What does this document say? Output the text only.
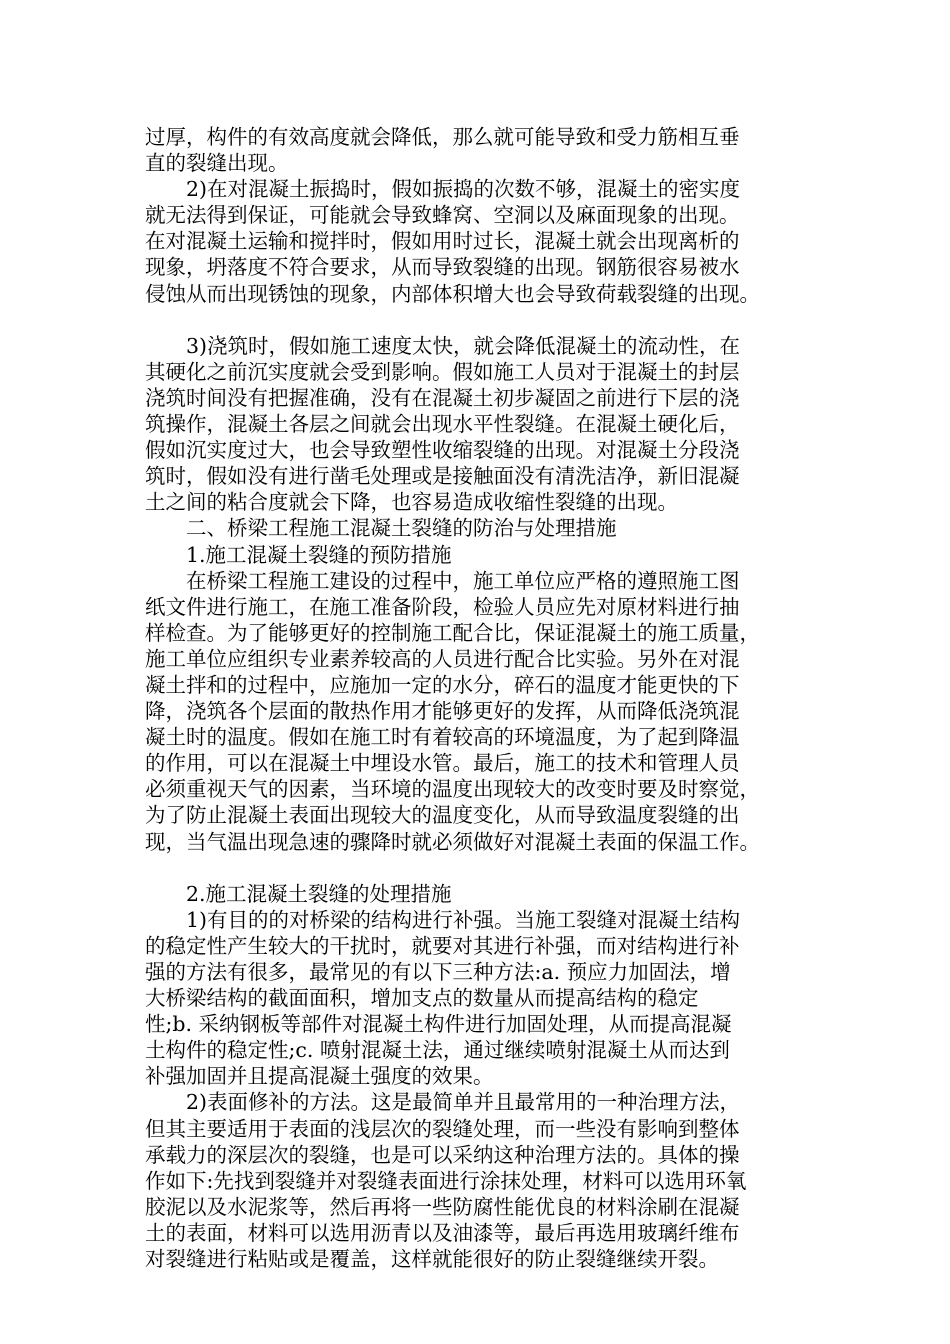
过厚，构件的有效高度就会降低，那么就可能导致和受力筋相互垂
直的裂缝出现。

2)在对混凝土振捣时，假如振捣的次数不够，混凝土的密实度
就无法得到保证，可能就会导致蜂窝、空洞以及麻面现象的出现。
在对混凝土运输和搅拌时，假如用时过长，混凝土就会出现离析的
现象，坍落度不符合要求，从而导致裂缝的出现。钢筋很容易被水
侵蚀从而出现锈蚀的现象，内部体积增大也会导致荷载裂缝的出现。

3)浇筑时，假如施工速度太快，就会降低混凝土的流动性，在
其硬化之前沉实度就会受到影响。假如施工人员对于混凝土的封层
浇筑时间没有把握准确，没有在混凝土初步凝固之前进行下层的浇
筑操作，混凝土各层之间就会出现水平性裂缝。在混凝土硬化后，
假如沉实度过大，也会导致塑性收缩裂缝的出现。对混凝土分段浇
筑时，假如没有进行凿毛处理或是接触面没有清洗洁净，新旧混凝
土之间的粘合度就会下降，也容易造成收缩性裂缝的出现。

二、桥梁工程施工混凝土裂缝的防治与处理措施

1.施工混凝土裂缝的预防措施

在桥梁工程施工建设的过程中，施工单位应严格的遵照施工图
纸文件进行施工，在施工准备阶段，检验人员应先对原材料进行抽
样检查。为了能够更好的控制施工配合比，保证混凝土的施工质量，
施工单位应组织专业素养较高的人员进行配合比实验。另外在对混
凝土拌和的过程中，应施加一定的水分，碎石的温度才能更快的下
降，浇筑各个层面的散热作用才能够更好的发挥，从而降低浇筑混
凝土时的温度。假如在施工时有着较高的环境温度，为了起到降温
的作用，可以在混凝土中埋设水管。最后，施工的技术和管理人员
必须重视天气的因素，当环境的温度出现较大的改变时要及时察觉，
为了防止混凝土表面出现较大的温度变化，从而导致温度裂缝的出
现，当气温出现急速的骤降时就必须做好对混凝土表面的保温工作。

2.施工混凝土裂缝的处理措施

1)有目的的对桥梁的结构进行补强。当施工裂缝对混凝土结构
的稳定性产生较大的干扰时，就要对其进行补强，而对结构进行补
强的方法有很多，最常见的有以下三种方法:a. 预应力加固法，增
大桥梁结构的截面面积，增加支点的数量从而提高结构的稳定
性;b. 采纳钢板等部件对混凝土构件进行加固处理，从而提高混凝
土构件的稳定性;c. 喷射混凝土法，通过继续喷射混凝土从而达到
补强加固并且提高混凝土强度的效果。

2)表面修补的方法。这是最简单并且最常用的一种治理方法，
但其主要适用于表面的浅层次的裂缝处理，而一些没有影响到整体
承载力的深层次的裂缝，也是可以采纳这种治理方法的。具体的操
作如下:先找到裂缝并对裂缝表面进行涂抹处理，材料可以选用环氧
胶泥以及水泥浆等，然后再将一些防腐性能优良的材料涂刷在混凝
土的表面，材料可以选用沥青以及油漆等，最后再选用玻璃纤维布
对裂缝进行粘贴或是覆盖，这样就能很好的防止裂缝继续开裂。
